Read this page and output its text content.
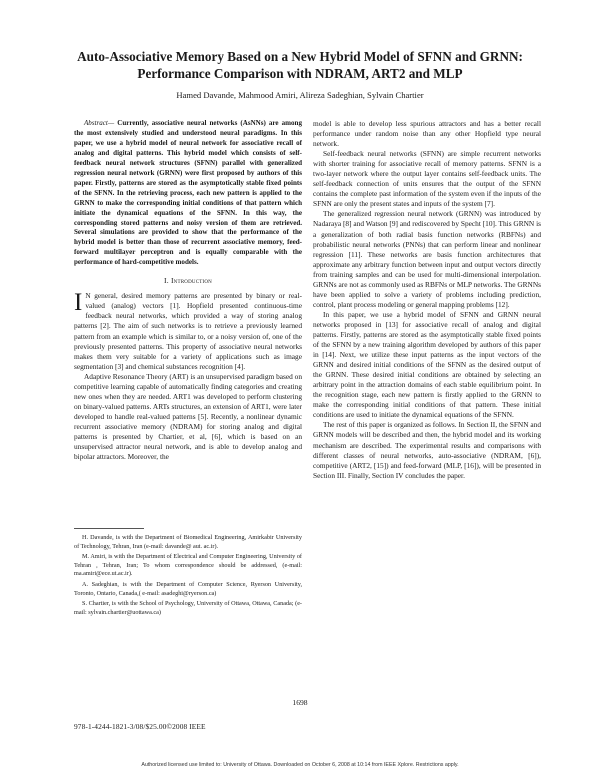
Auto-Associative Memory Based on a New Hybrid Model of SFNN and GRNN: Performance Comparison with NDRAM, ART2 and MLP
Hamed Davande, Mahmood Amiri, Alireza Sadeghian, Sylvain Chartier

Abstract— Currently, associative neural networks (AsNNs) are among the most extensively studied and understood neural paradigms. In this paper, we use a hybrid model of neural network for associative recall of analog and digital patterns. This hybrid model which consists of self-feedback neural network structures (SFNN) parallel with generalized regression neural network (GRNN) were first proposed by authors of this paper. Firstly, patterns are stored as the asymptotically stable fixed points of the SFNN. In the retrieving process, each new pattern is applied to the GRNN to make the corresponding initial conditions of that pattern which initiate the dynamical equations of the SFNN. In this way, the corresponding stored patterns and noisy version of them are retrieved. Several simulations are provided to show that the performance of the hybrid model is better than those of recurrent associative memory, feed-forward multilayer perceptron and is equally comparable with the performance of hard-competitive models.

I. Introduction

I N general, desired memory patterns are presented by binary or real-valued (analog) vectors [1]. Hopfield presented continuous-time feedback neural networks, which provided a way of storing analog patterns [2]. The aim of such networks is to retrieve a previously learned pattern from an example which is similar to, or a noisy version of, one of the previously presented patterns. This property of associative neural networks makes them very suitable for a variety of applications such as image segmentation [3] and chemical substances recognition [4].

Adaptive Resonance Theory (ART) is an unsupervised paradigm based on competitive learning capable of automatically finding categories and creating new ones when they are needed. ART1 was developed to perform clustering on binary-valued patterns. ARTs structures, an extension of ART1, were later developed to handle real-valued patterns [5]. Recently, a nonlinear dynamic recurrent associative memory (NDRAM) for storing analog and digital patterns is presented by Chartier, et al, [6], which is based on an unsupervised attractor neural network, and is able to develop analog and bipolar attractors. Moreover, the

H. Davande, is with the Department of Biomedical Engineering, Amirkabir University of Technology, Tehran, Iran (e-mail: davande@ aut. ac.ir).

M. Amiri, is with the Department of Electrical and Computer Engineering, University of Tehran , Tehran, Iran; To whom correspondence should be addressed, (e-mail: ma.amiri@ece.ut.ac.ir).

A. Sadeghian, is with the Department of Computer Science, Ryerson University, Toronto, Ontario, Canada,( e-mail: asadeghi@ryerson.ca)

S. Chartier, is with the School of Psychology, University of Ottawa, Ottawa, Canada; (e-mail: sylvain.chartier@uottawa.ca)

model is able to develop less spurious attractors and has a better recall performance under random noise than any other Hopfield type neural network.

Self-feedback neural networks (SFNN) are simple recurrent networks with shorter training for associative recall of memory patterns. SFNN is a two-layer network where the output layer contains self-feedback units. The self-feedback connection of units ensures that the output of the SFNN contains the complete past information of the system even if the inputs of the SFNN are only the present states and inputs of the system [7].

The generalized regression neural network (GRNN) was introduced by Nadaraya [8] and Watson [9] and rediscovered by Specht [10]. This GRNN is a generalization of both radial basis function networks (RBFNs) and probabilistic neural networks (PNNs) that can perform linear and nonlinear regression [11]. These networks are basis function architectures that approximate any arbitrary function between input and output vectors directly from training samples and can be used for multi-dimensional interpolation. GRNNs are not as commonly used as RBFNs or MLP networks. The GRNNs have been applied to solve a variety of problems including prediction, control, plant process modeling or general mapping problems [12].

In this paper, we use a hybrid model of SFNN and GRNN neural networks proposed in [13] for associative recall of analog and digital patterns. Firstly, patterns are stored as the asymptotically stable fixed points of the SFNN by a new training algorithm developed by authors of this paper in [14]. Next, we utilize these input patterns as the input vectors of the GRNN and desired initial conditions of the SFNN as the desired output of the GRNN. These desired initial conditions are obtained by selecting an arbitrary point in the attraction domains of each stable equilibrium point. In the recognition stage, each new pattern is firstly applied to the GRNN to make the corresponding initial conditions of that pattern. These initial conditions are used to initiate the dynamical equations of the SFNN.

The rest of this paper is organized as follows. In Section II, the SFNN and GRNN models will be described and then, the hybrid model and its working mechanism are described. The experimental results and comparisons with different classes of neural networks, auto-associative (NDRAM, [6]), competitive (ART2, [15]) and feed-forward (MLP, [16]), will be presented in Section III. Finally, Section IV concludes the paper.

1698
978-1-4244-1821-3/08/$25.00©2008 IEEE
Authorized licensed use limited to: University of Ottawa. Downloaded on October 6, 2008 at 10:14 from IEEE Xplore. Restrictions apply.
